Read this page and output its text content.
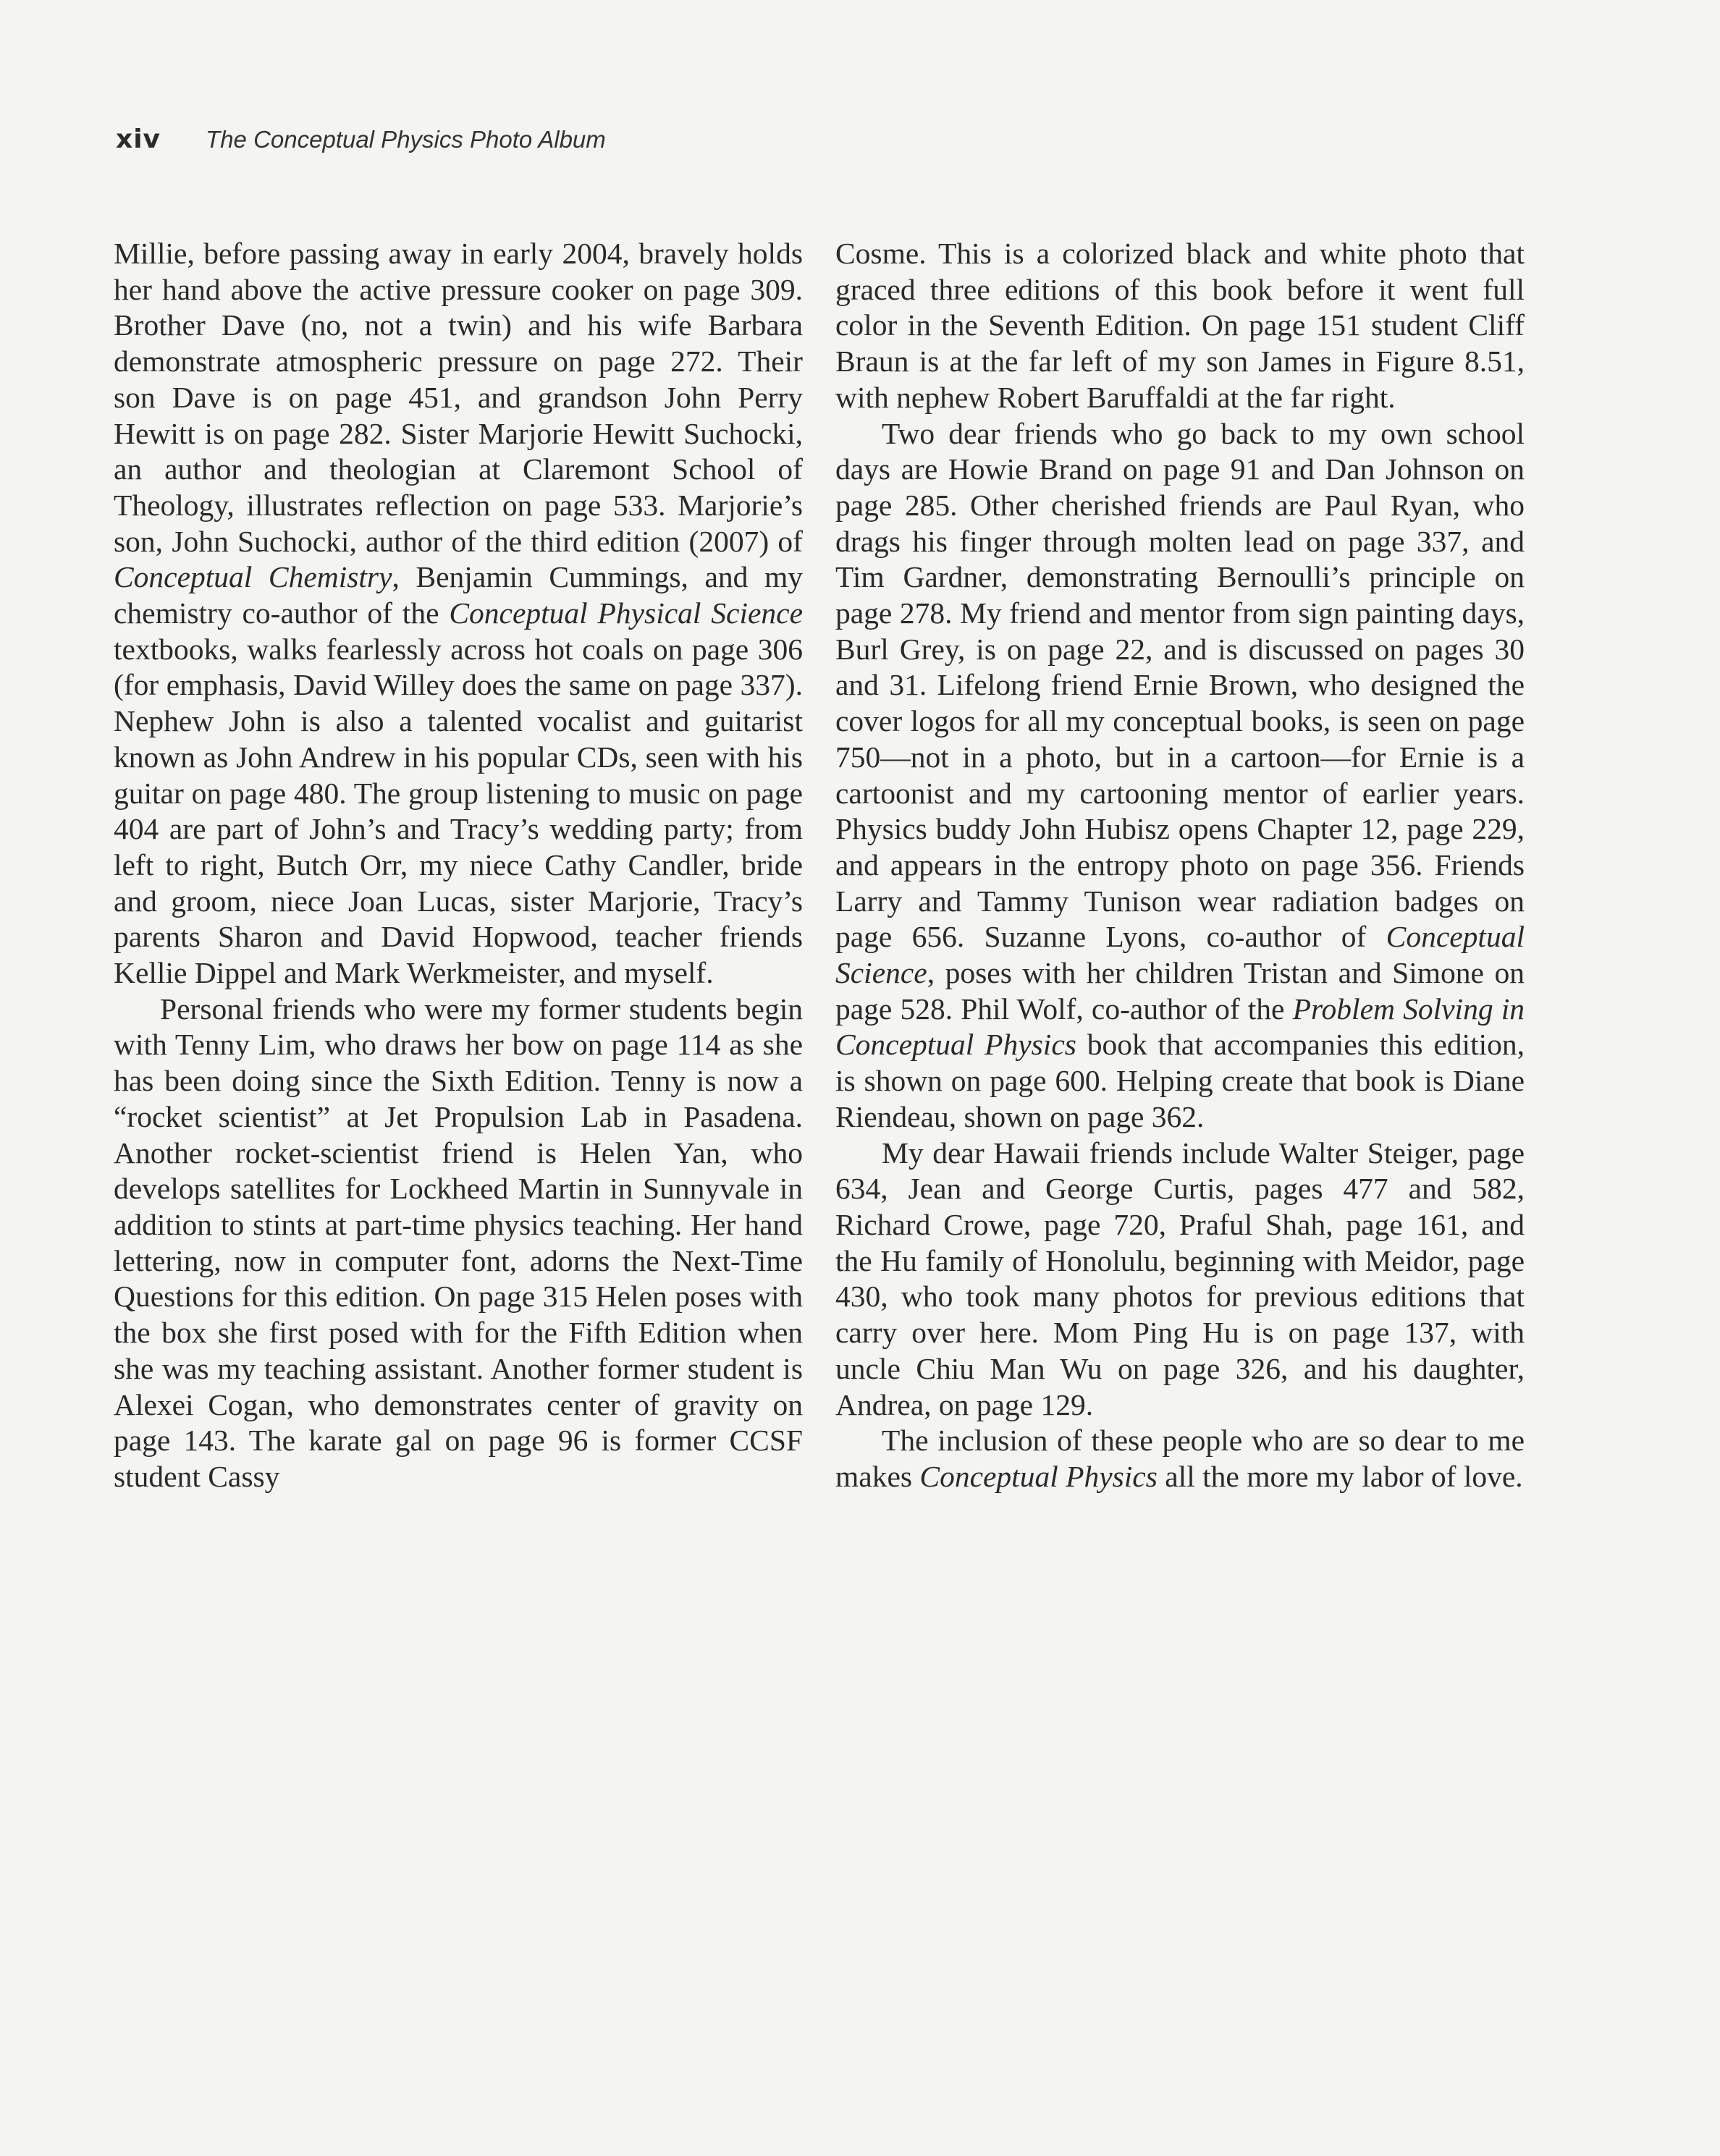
xiv The Conceptual Physics Photo Album

Millie, before passing away in early 2004, bravely holds her hand above the active pressure cooker on page 309. Brother Dave (no, not a twin) and his wife Barbara demonstrate atmospheric pressure on page 272. Their son Dave is on page 451, and grandson John Perry Hewitt is on page 282. Sister Marjorie Hewitt Suchocki, an author and theologian at Claremont School of Theology, illustrates reflection on page 533. Marjorie’s son, John Suchocki, author of the third edition (2007) of Conceptual Chemistry, Benjamin Cummings, and my chemistry co-author of the Conceptual Physical Science textbooks, walks fearlessly across hot coals on page 306 (for emphasis, David Willey does the same on page 337). Nephew John is also a talented vocalist and guitarist known as John Andrew in his popular CDs, seen with his guitar on page 480. The group listening to music on page 404 are part of John’s and Tracy’s wedding party; from left to right, Butch Orr, my niece Cathy Candler, bride and groom, niece Joan Lucas, sister Marjorie, Tracy’s parents Sharon and David Hopwood, teacher friends Kellie Dippel and Mark Werkmeister, and myself.

Personal friends who were my former students begin with Tenny Lim, who draws her bow on page 114 as she has been doing since the Sixth Edition. Tenny is now a “rocket scientist” at Jet Propulsion Lab in Pasadena. Another rocket-scientist friend is Helen Yan, who develops satellites for Lockheed Martin in Sunnyvale in addition to stints at part-time physics teaching. Her hand lettering, now in computer font, adorns the Next-Time Questions for this edition. On page 315 Helen poses with the box she first posed with for the Fifth Edition when she was my teaching assistant. Another former student is Alexei Cogan, who demonstrates center of gravity on page 143. The karate gal on page 96 is former CCSF student Cassy

Cosme. This is a colorized black and white photo that graced three editions of this book before it went full color in the Seventh Edition. On page 151 student Cliff Braun is at the far left of my son James in Figure 8.51, with nephew Robert Baruffaldi at the far right.

Two dear friends who go back to my own school days are Howie Brand on page 91 and Dan Johnson on page 285. Other cherished friends are Paul Ryan, who drags his finger through molten lead on page 337, and Tim Gardner, demonstrating Bernoulli’s principle on page 278. My friend and mentor from sign painting days, Burl Grey, is on page 22, and is discussed on pages 30 and 31. Lifelong friend Ernie Brown, who designed the cover logos for all my conceptual books, is seen on page 750—not in a photo, but in a cartoon—for Ernie is a cartoonist and my cartooning mentor of earlier years. Physics buddy John Hubisz opens Chapter 12, page 229, and appears in the entropy photo on page 356. Friends Larry and Tammy Tunison wear radiation badges on page 656. Suzanne Lyons, co-author of Conceptual Science, poses with her children Tristan and Simone on page 528. Phil Wolf, co-author of the Problem Solving in Conceptual Physics book that accompanies this edition, is shown on page 600. Helping create that book is Diane Riendeau, shown on page 362.

My dear Hawaii friends include Walter Steiger, page 634, Jean and George Curtis, pages 477 and 582, Richard Crowe, page 720, Praful Shah, page 161, and the Hu family of Honolulu, beginning with Meidor, page 430, who took many photos for previous editions that carry over here. Mom Ping Hu is on page 137, with uncle Chiu Man Wu on page 326, and his daughter, Andrea, on page 129.

The inclusion of these people who are so dear to me makes Conceptual Physics all the more my labor of love.
